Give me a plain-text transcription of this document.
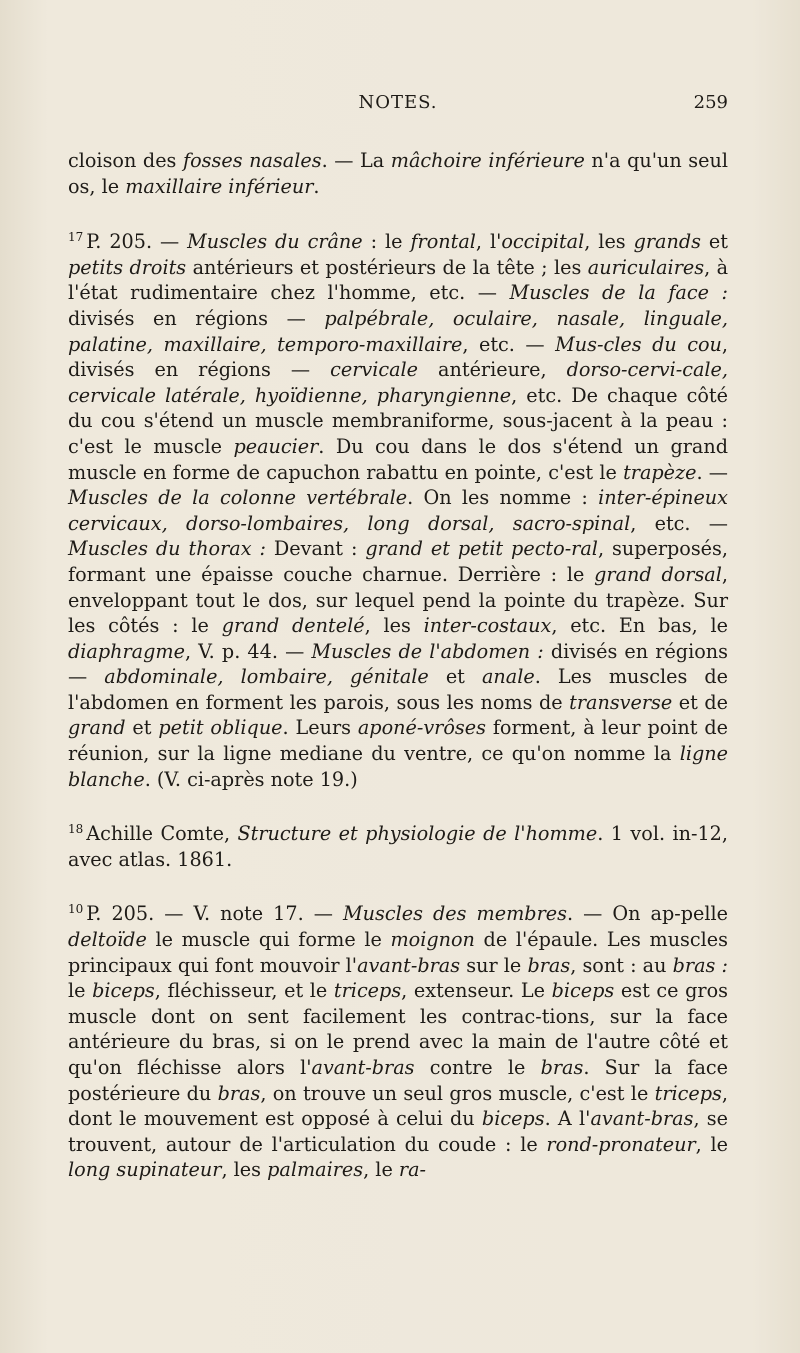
NOTES.	259

cloison des fosses nasales. — La mâchoire inférieure n'a qu'un seul os, le maxillaire inférieur.

$^{17}$ P. 205. — Muscles du crâne : le frontal, l'occipital, les grands et petits droits antérieurs et postérieurs de la tête ; les auriculaires, à l'état rudimentaire chez l'homme, etc. — Muscles de la face : divisés en régions — palpébrale, oculaire, nasale, linguale, palatine, maxillaire, temporo-maxillaire, etc. — Mus-cles du cou, divisés en régions — cervicale antérieure, dorso-cervi-cale, cervicale latérale, hyoïdienne, pharyngienne, etc. De chaque côté du cou s'étend un muscle membraniforme, sous-jacent à la peau : c'est le muscle peaucier. Du cou dans le dos s'étend un grand muscle en forme de capuchon rabattu en pointe, c'est le trapèze. — Muscles de la colonne vertébrale. On les nomme : inter-épineux cervicaux, dorso-lombaires, long dorsal, sacro-spinal, etc. — Muscles du thorax : Devant : grand et petit pecto-ral, superposés, formant une épaisse couche charnue. Derrière : le grand dorsal, enveloppant tout le dos, sur lequel pend la pointe du trapèze. Sur les côtés : le grand dentelé, les inter-costaux, etc. En bas, le diaphragme, V. p. 44. — Muscles de l'abdomen : divisés en régions — abdominale, lombaire, génitale et anale. Les muscles de l'abdomen en forment les parois, sous les noms de transverse et de grand et petit oblique. Leurs aponé-vrôses forment, à leur point de réunion, sur la ligne mediane du ventre, ce qu'on nomme la ligne blanche. (V. ci-après note 19.)

$^{18}$ Achille Comte, Structure et physiologie de l'homme. 1 vol. in-12, avec atlas. 1861.

$^{10}$ P. 205. — V. note 17. — Muscles des membres. — On ap-pelle deltoïde le muscle qui forme le moignon de l'épaule. Les muscles principaux qui font mouvoir l'avant-bras sur le bras, sont : au bras : le biceps, fléchisseur, et le triceps, extenseur. Le biceps est ce gros muscle dont on sent facilement les contrac-tions, sur la face antérieure du bras, si on le prend avec la main de l'autre côté et qu'on fléchisse alors l'avant-bras contre le bras. Sur la face postérieure du bras, on trouve un seul gros muscle, c'est le triceps, dont le mouvement est opposé à celui du biceps. A l'avant-bras, se trouvent, autour de l'articulation du coude : le rond-pronateur, le long supinateur, les palmaires, le ra-
